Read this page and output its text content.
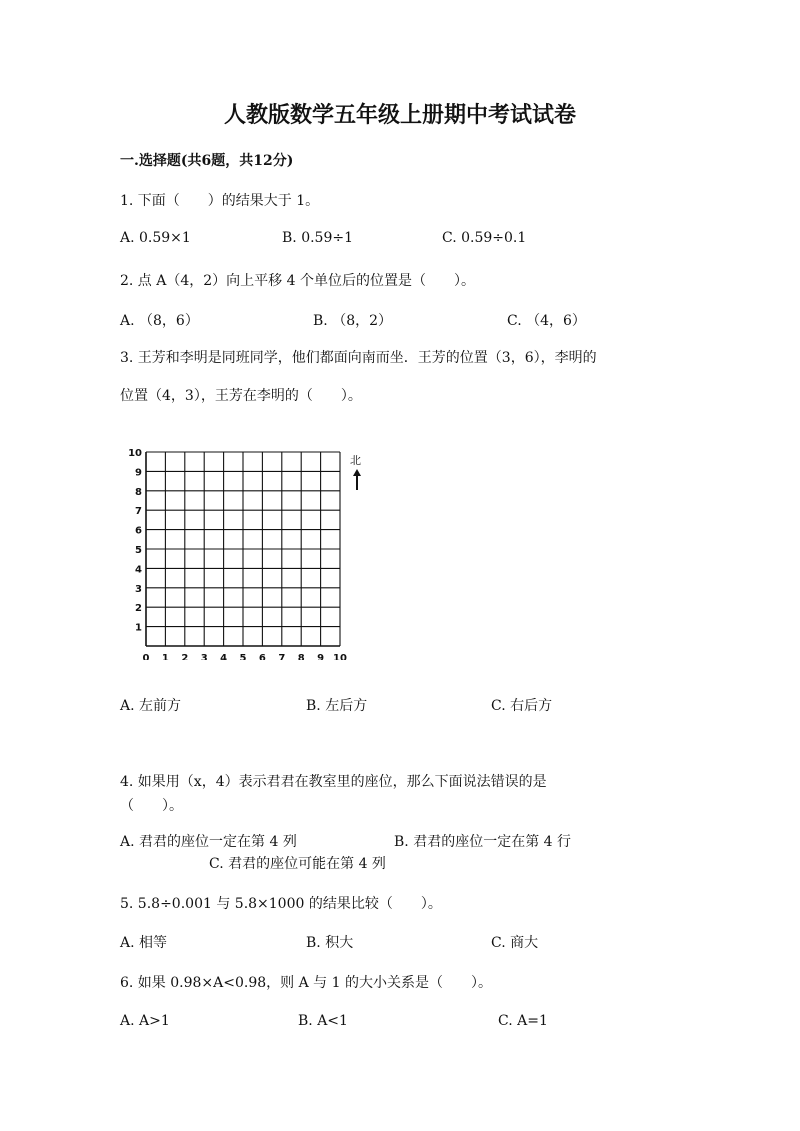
人教版数学五年级上册期中考试试卷
一.选择题(共6题，共12分)
1. 下面（　　）的结果大于 1。
A. 0.59×1	B. 0.59÷1	C. 0.59÷0.1
2. 点 A（4，2）向上平移 4 个单位后的位置是（　　）。
A. （8，6）	B. （8，2）	C. （4，6）
3. 王芳和李明是同班同学，他们都面向南而坐．王芳的位置（3，6），李明的
位置（4，3），王芳在李明的（　　）。
0 1 2 3 4 5 6 7 8 9 10
1
2
3
4
5
6
7
8
9
10
北
A. 左前方	B. 左后方	C. 右后方
4. 如果用（x，4）表示君君在教室里的座位，那么下面说法错误的是
（　　）。
A. 君君的座位一定在第 4 列	B. 君君的座位一定在第 4 行
C. 君君的座位可能在第 4 列
5. 5.8÷0.001 与 5.8×1000 的结果比较（　　）。
A. 相等	B. 积大	C. 商大
6. 如果 0.98×A<0.98，则 A 与 1 的大小关系是（　　）。
A. A>1	B. A<1	C. A=1
